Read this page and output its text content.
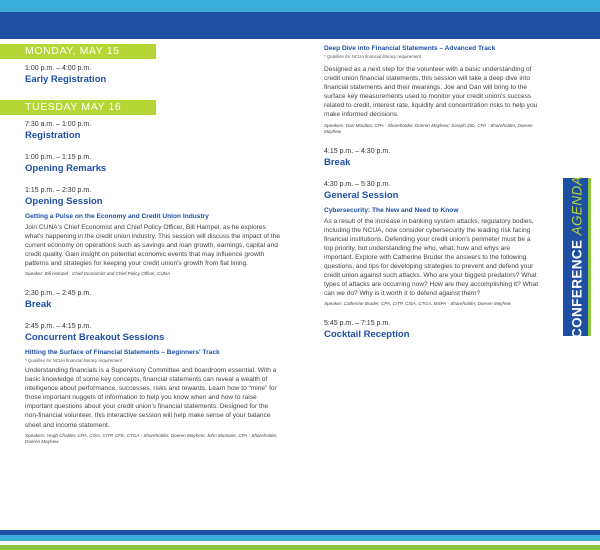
MONDAY, MAY 15
1:00 p.m. – 4:00 p.m.
Early Registration
TUESDAY MAY 16
7:30 a.m. – 1:00 p.m.
Registration
1:00 p.m. – 1:15 p.m.
Opening Remarks
1:15 p.m. – 2:30 p.m.
Opening Session
Getting a Pulse on the Economy and Credit Union Industry
Join CUNA's Chief Economist and Chief Policy Officer, Bill Hampel, as he explores what's happening in the credit union industry. This session will discuss the impact of the current economy on operations such as savings and loan growth, earnings, capital and credit quality. Gain insight on potential economic events that may influence growth patterns and strategies for keeping your credit union's growth from flat lining.
Speaker: Bill Hampel - Chief Economist and Chief Policy Officer, CUNA
2:30 p.m. – 2:45 p.m.
Break
2:45 p.m. – 4:15 p.m.
Concurrent Breakout Sessions
Hitting the Surface of Financial Statements – Beginners' Track
* Qualifies for NCUA financial literacy requirement
Understanding financials is a Supervisory Committee and boardroom essential. With a basic knowledge of some key concepts, financial statements can reveal a wealth of intelligence about performance, successes, risks and rewards. Learn how to “mine” for those important nuggets of information to help you know when and how to raise important questions about your credit union's financial statements. Designed for the non-financial volunteer, this interactive session will help make sense of your balance sheet and income statement.
Speakers: Hugh Chalder, CPA, CISA, CITP, CFE, CTGA - Shareholder, Doeren Mayhew; John Mumane, CPA - Shareholder, Doeren Mayhew
Deep Dive into Financial Statements – Advanced Track
* Qualifies for NCUA financial literacy requirement
Designed as a next step for the volunteer with a basic understanding of credit union financial statements, this session will take a deep dive into financial statements and their meanings. Joe and Dan will bring to the surface key measurements used to monitor your credit union's success related to credit, interest rate, liquidity and concentration risks to help you make informed decisions.
Speakers: Dan Moulton, CPA - Shareholder, Doeren Mayhew; Joseph Zito, CPA - Shareholder, Doeren Mayhew
4:15 p.m. – 4:30 p.m.
Break
4:30 p.m. – 5:30 p.m.
General Session
Cybersecurity: The New and Need to Know
As a result of the increase in banking system attacks, regulatory bodies, including the NCUA, now consider cybersecurity the leading risk facing financial institutions. Defending your credit union's perimeter must be a top priority, but understanding the who, what, how and whys are important. Explore with Catherine Bruder the answers to the following questions, and tips for developing strategies to prevent and defend your credit union against such attacks. Who are your biggest predators? What types of attacks are occurring now? How are they accomplishing it? What can we do? Why is it worth it to defend against them?
Speaker: Catherine Bruder, CPA, CITP, CISA, CTGA, MSPA - Shareholder, Doeren Mayhew
5:45 p.m. – 7:15 p.m.
Cocktail Reception	CONFERENCE AGENDA
